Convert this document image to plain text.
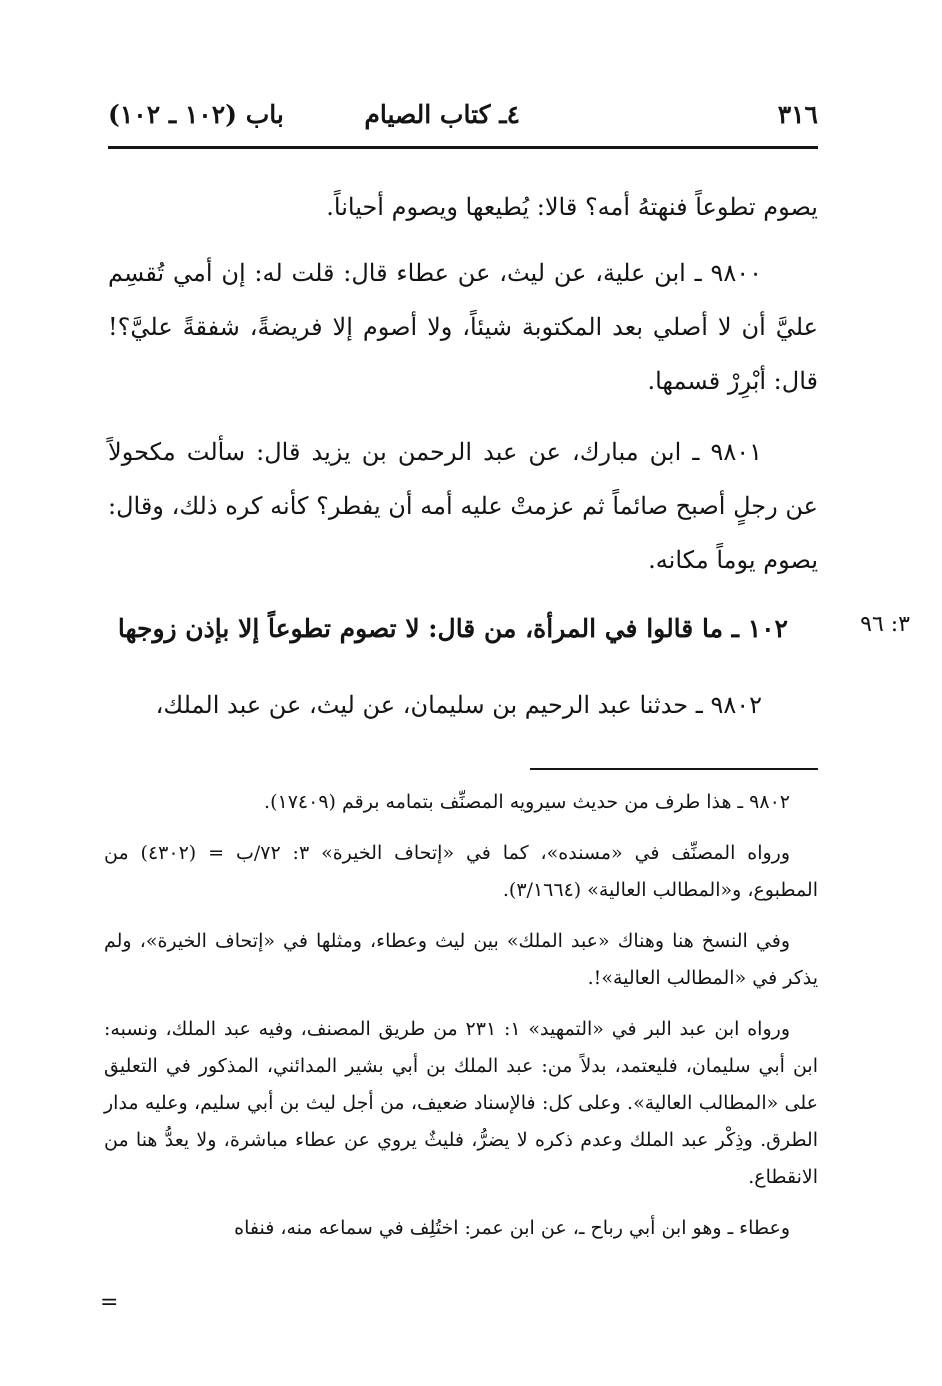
٣١٦
٤ـ كتاب الصيام
باب (١٠٢ ـ ١٠٢)

يصوم تطوعاً فنهتهُ أمه؟ قالا: يُطيعها ويصوم أحياناً.

٩٨٠٠ ـ ابن علية، عن ليث، عن عطاء قال: قلت له: إن أمي تُقسِم عليَّ أن لا أصلي بعد المكتوبة شيئاً، ولا أصوم إلا فريضةً، شفقةً عليَّ؟! قال: أبْرِرْ قسمها.

٩٨٠١ ـ ابن مبارك، عن عبد الرحمن بن يزيد قال: سألت مكحولاً عن رجلٍ أصبح صائماً ثم عزمتْ عليه أمه أن يفطر؟ كأنه كره ذلك، وقال: يصوم يوماً مكانه.

١٠٢ ـ ما قالوا في المرأة، من قال: لا تصوم تطوعاً إلا بإذن زوجها	٣: ٩٦

٩٨٠٢ ـ حدثنا عبد الرحيم بن سليمان، عن ليث، عن عبد الملك،

٩٨٠٢ ـ هذا طرف من حديث سيرويه المصنِّف بتمامه برقم (١٧٤٠٩).

ورواه المصنِّف في «مسنده»، كما في «إتحاف الخيرة» ٣: ٧٢/ب = (٤٣٠٢) من المطبوع، و«المطالب العالية» (٣/١٦٦٤).

وفي النسخ هنا وهناك «عبد الملك» بين ليث وعطاء، ومثلها في «إتحاف الخيرة»، ولم يذكر في «المطالب العالية»!.

ورواه ابن عبد البر في «التمهيد» ١: ٢٣١ من طريق المصنف، وفيه عبد الملك، ونسبه: ابن أبي سليمان، فليعتمد، بدلاً من: عبد الملك بن أبي بشير المدائني، المذكور في التعليق على «المطالب العالية». وعلى كل: فالإسناد ضعيف، من أجل ليث بن أبي سليم، وعليه مدار الطرق. وذِكْر عبد الملك وعدم ذكره لا يضرُّ، فليثٌ يروي عن عطاء مباشرة، ولا يعدُّ هنا من الانقطاع.

وعطاء ـ وهو ابن أبي رباح ـ، عن ابن عمر: اختُلِف في سماعه منه، فنفاه

=
